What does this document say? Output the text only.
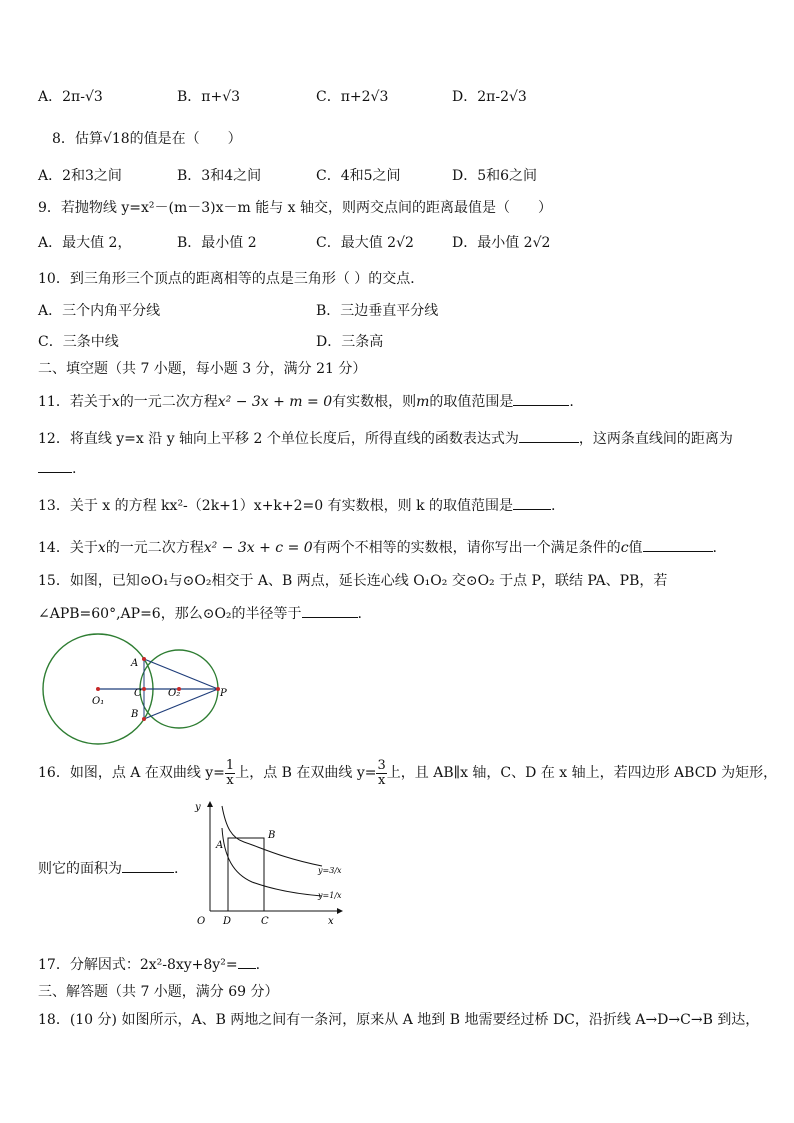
A．2π-√3	B．π+√3	C．π+2√3	D．2π-2√3
8．估算√18的值是在（　　）
A．2和3之间	B．3和4之间	C．4和5之间	D．5和6之间
9．若抛物线 y=x²－(m－3)x－m 能与 x 轴交，则两交点间的距离最值是（　　）
A．最大值 2，	B．最小值 2	C．最大值 2√2	D．最小值 2√2
10．到三角形三个顶点的距离相等的点是三角形（ ）的交点．
A．三个内角平分线	B．三边垂直平分线
C．三条中线	D．三条高
二、填空题（共 7 小题，每小题 3 分，满分 21 分）
11．若关于x的一元二次方程x² − 3x + m = 0有实数根，则m的取值范围是	.
12．将直线 y=x 沿 y 轴向上平移 2 个单位长度后，所得直线的函数表达式为	，这两条直线间的距离为
.
13．关于 x 的方程 kx²-（2k+1）x+k+2=0 有实数根，则 k 的取值范围是	.
14．关于x的一元二次方程x² − 3x + c = 0有两个不相等的实数根，请你写出一个满足条件的c值	.
15．如图，已知⊙O₁与⊙O₂相交于 A、B 两点，延长连心线 O₁O₂ 交⊙O₂ 于点 P，联结 PA、PB，若
∠APB=60°,AP=6，那么⊙O₂的半径等于	.
A
B
C
O₁
O₂	P
16．如图，点 A 在双曲线 $y= \frac{1}{x}$ 上，点 B 在双曲线 $y= \frac{3}{x}$ 上，且 AB∥x 轴，C、D 在 x 轴上，若四边形 ABCD 为矩形，
则它的面积为	.
y
x
O
A
B
D	C
y=3/x
y=1/x
17．分解因式：2x²-8xy+8y²= .
三、解答题（共 7 小题，满分 69 分）
18．(10 分) 如图所示，A、B 两地之间有一条河，原来从 A 地到 B 地需要经过桥 DC，沿折线 A→D→C→B 到达，
